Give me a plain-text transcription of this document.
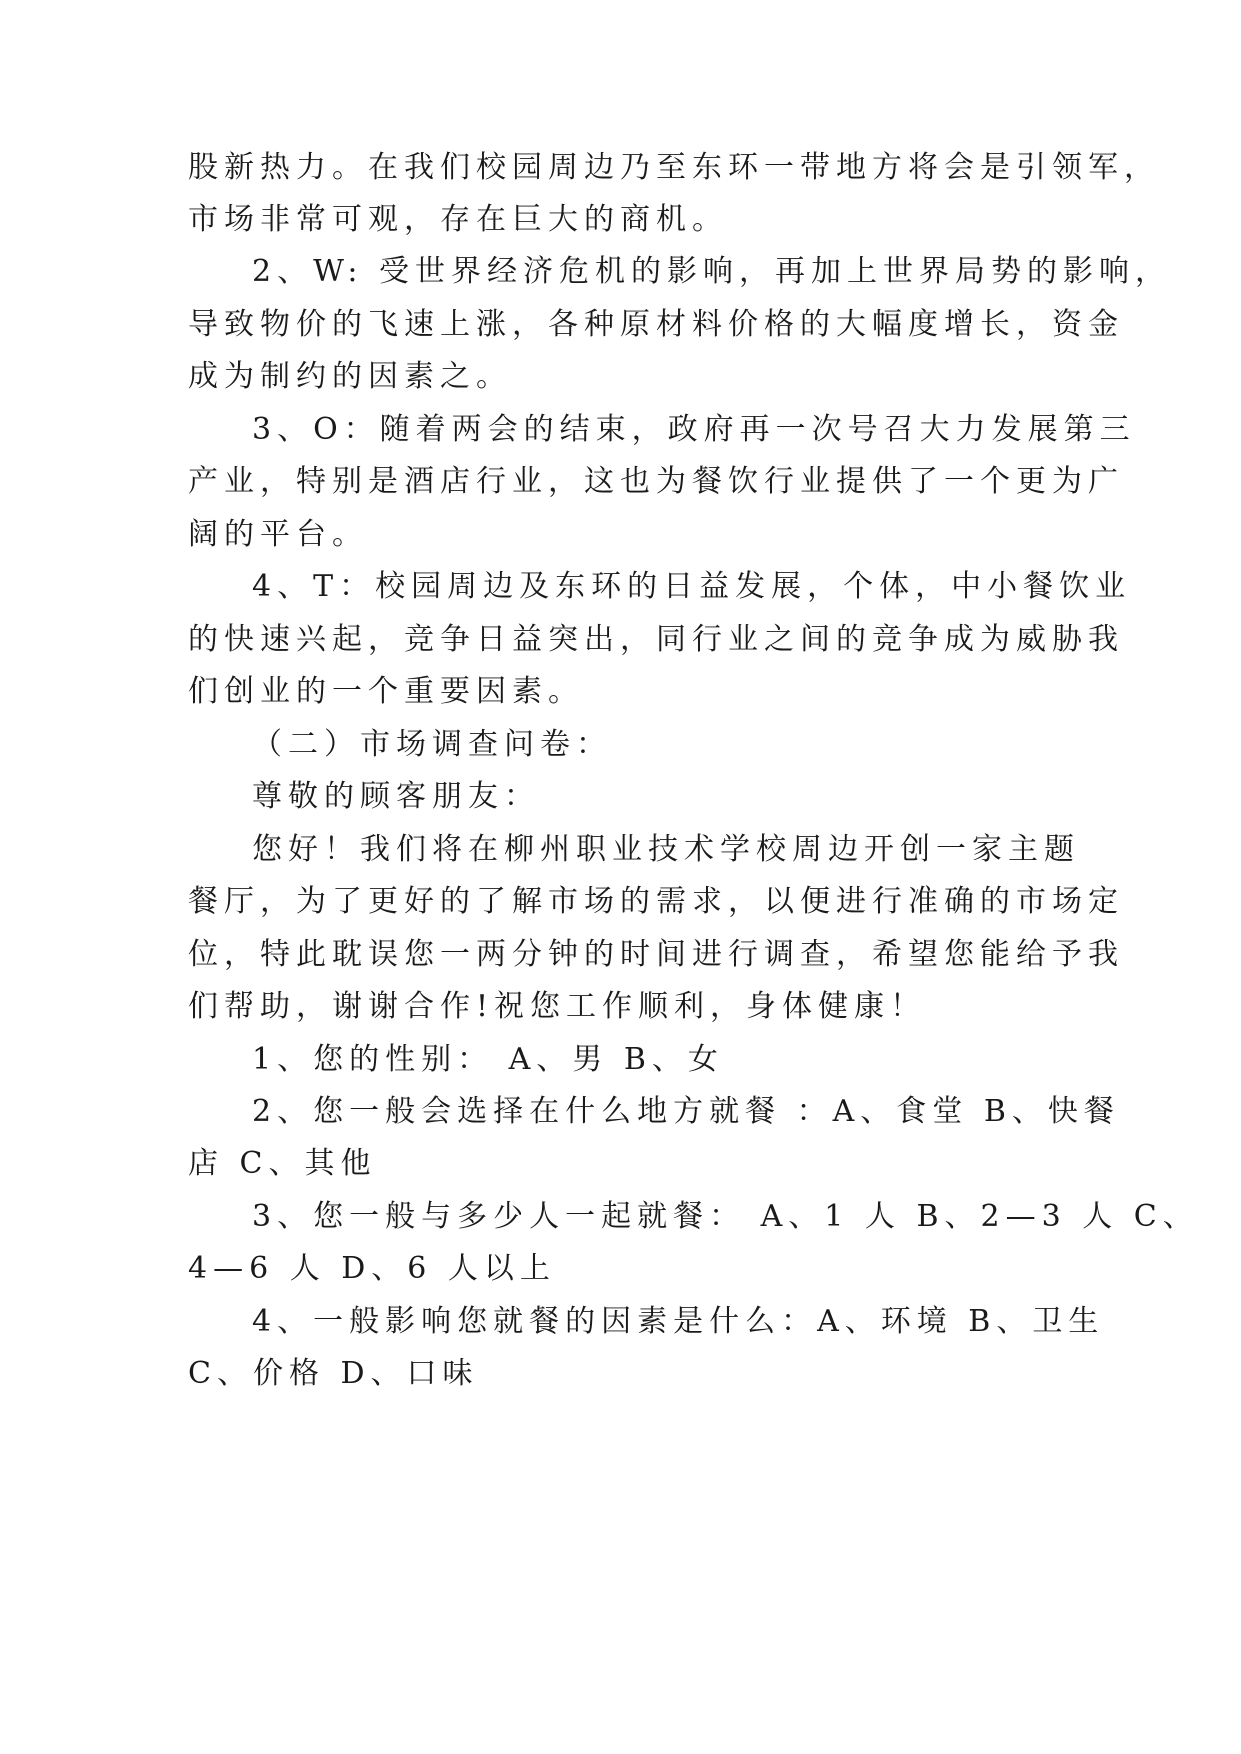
股新热力。在我们校园周边乃至东环一带地方将会是引领军，

市场非常可观，存在巨大的商机。

2、W: 受世界经济危机的影响，再加上世界局势的影响，

导致物价的飞速上涨，各种原材料价格的大幅度增长，资金

成为制约的因素之。

3、O：随着两会的结束，政府再一次号召大力发展第三

产业，特别是酒店行业，这也为餐饮行业提供了一个更为广

阔的平台。

4、T：校园周边及东环的日益发展，个体，中小餐饮业

的快速兴起，竞争日益突出，同行业之间的竞争成为威胁我

们创业的一个重要因素。

（二）市场调查问卷：

尊敬的顾客朋友：

您好！我们将在柳州职业技术学校周边开创一家主题

餐厅，为了更好的了解市场的需求，以便进行准确的市场定

位，特此耽误您一两分钟的时间进行调查，希望您能给予我

们帮助，谢谢合作!祝您工作顺利，身体健康！

1、您的性别： A、男 B、女

2、您一般会选择在什么地方就餐 ：A、食堂 B、快餐

店 C、其他

3、您一般与多少人一起就餐： A、1 人 B、2—3 人 C、

4—6 人 D、6 人以上

4、一般影响您就餐的因素是什么：A、环境 B、卫生

C、价格 D、口味
